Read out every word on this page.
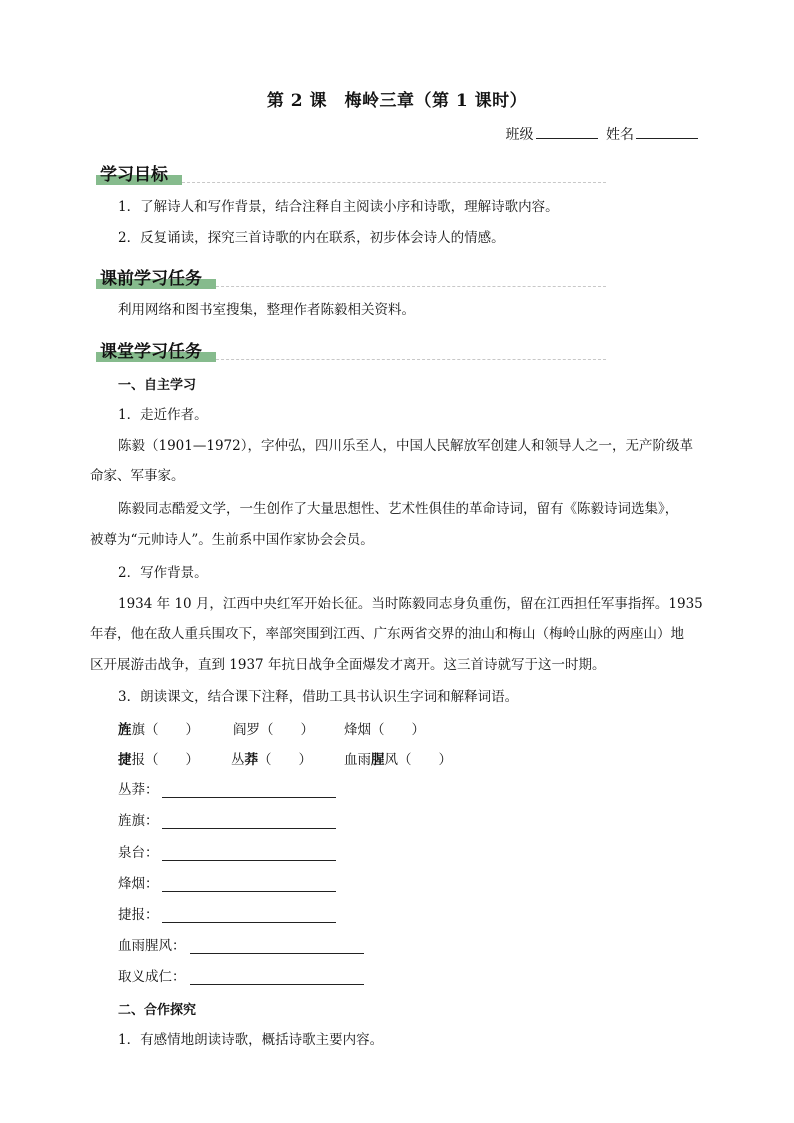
第 2 课　梅岭三章（第 1 课时）
班级	姓名
学习目标
1．了解诗人和写作背景，结合注释自主阅读小序和诗歌，理解诗歌内容。
2．反复诵读，探究三首诗歌的内在联系，初步体会诗人的情感。
课前学习任务
利用网络和图书室搜集，整理作者陈毅相关资料。
课堂学习任务
一、自主学习
1．走近作者。
陈毅（1901—1972），字仲弘，四川乐至人，中国人民解放军创建人和领导人之一，无产阶级革
命家、军事家。
陈毅同志酷爱文学，一生创作了大量思想性、艺术性俱佳的革命诗词，留有《陈毅诗词选集》，
被尊为“元帅诗人”。生前系中国作家协会会员。
2．写作背景。
1934 年 10 月，江西中央红军开始长征。当时陈毅同志身负重伤，留在江西担任军事指挥。1935
年春，他在敌人重兵围攻下，率部突围到江西、广东两省交界的油山和梅山（梅岭山脉的两座山）地
区开展游击战争，直到 1937 年抗日战争全面爆发才离开。这三首诗就写于这一时期。
3．朗读课文，结合课下注释，借助工具书认识生字词和解释词语。
旌旗（　　）	阎罗（　　） 烽烟（　　）
捷报（　　） 丛莽（　　） 血雨腥风（　　）
丛莽：
旌旗：
泉台：
烽烟：
捷报：
血雨腥风：
取义成仁：
二、合作探究
1．有感情地朗读诗歌，概括诗歌主要内容。
